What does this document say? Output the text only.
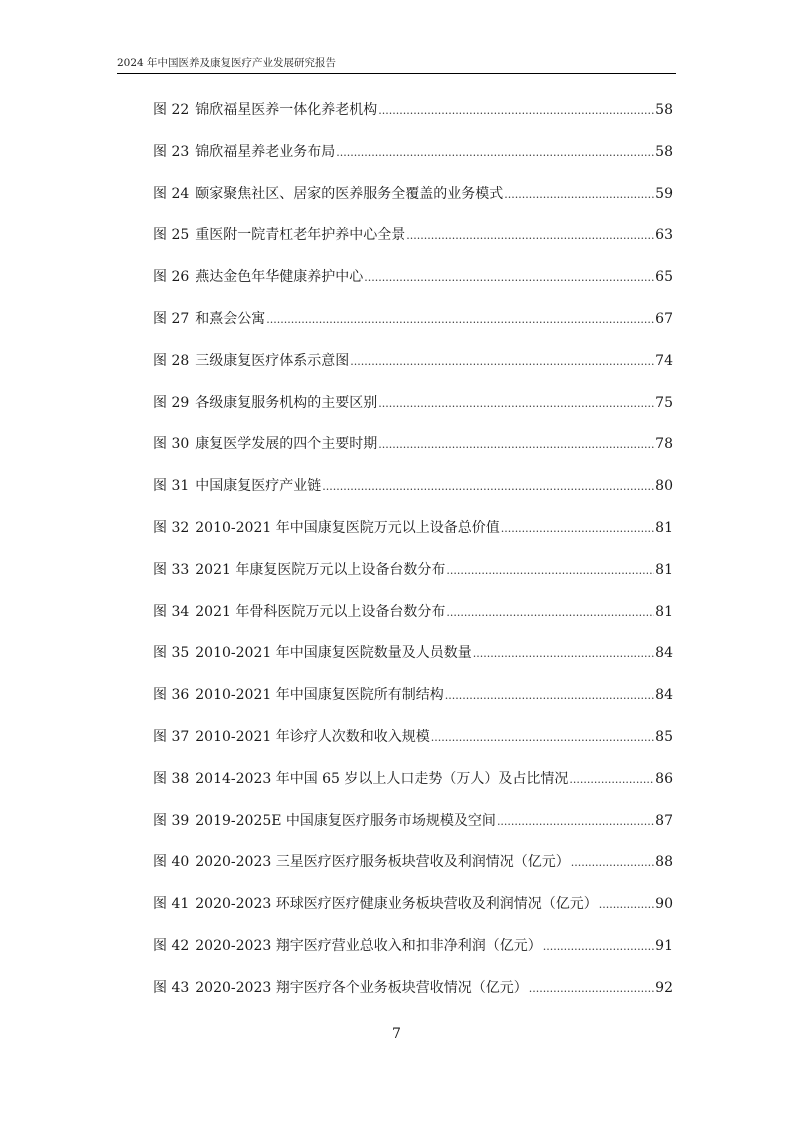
2024 年中国医养及康复医疗产业发展研究报告
图 22 锦欣福星医养一体化养老机构 .....	58
图 23 锦欣福星养老业务布局 .....	58
图 24 颐家聚焦社区、居家的医养服务全覆盖的业务模式 .....	59
图 25 重医附一院青杠老年护养中心全景 .....	63
图 26 燕达金色年华健康养护中心 .....	65
图 27 和熹会公寓 .....	67
图 28 三级康复医疗体系示意图 .....	74
图 29 各级康复服务机构的主要区别 .....	75
图 30 康复医学发展的四个主要时期 .....	78
图 31 中国康复医疗产业链 .....	80
图 32 2010-2021 年中国康复医院万元以上设备总价值 .....	81
图 33 2021 年康复医院万元以上设备台数分布 .....	81
图 34 2021 年骨科医院万元以上设备台数分布 .....	81
图 35 2010-2021 年中国康复医院数量及人员数量 .....	84
图 36 2010-2021 年中国康复医院所有制结构 .....	84
图 37 2010-2021 年诊疗人次数和收入规模 .....	85
图 38 2014-2023 年中国 65 岁以上人口走势（万人）及占比情况 .....	86
图 39 2019-2025E 中国康复医疗服务市场规模及空间 .....	87
图 40 2020-2023 三星医疗医疗服务板块营收及利润情况（亿元） .....	88
图 41 2020-2023 环球医疗医疗健康业务板块营收及利润情况（亿元） .....	90
图 42 2020-2023 翔宇医疗营业总收入和扣非净利润（亿元） .....	91
图 43 2020-2023 翔宇医疗各个业务板块营收情况（亿元） .....	92
7
